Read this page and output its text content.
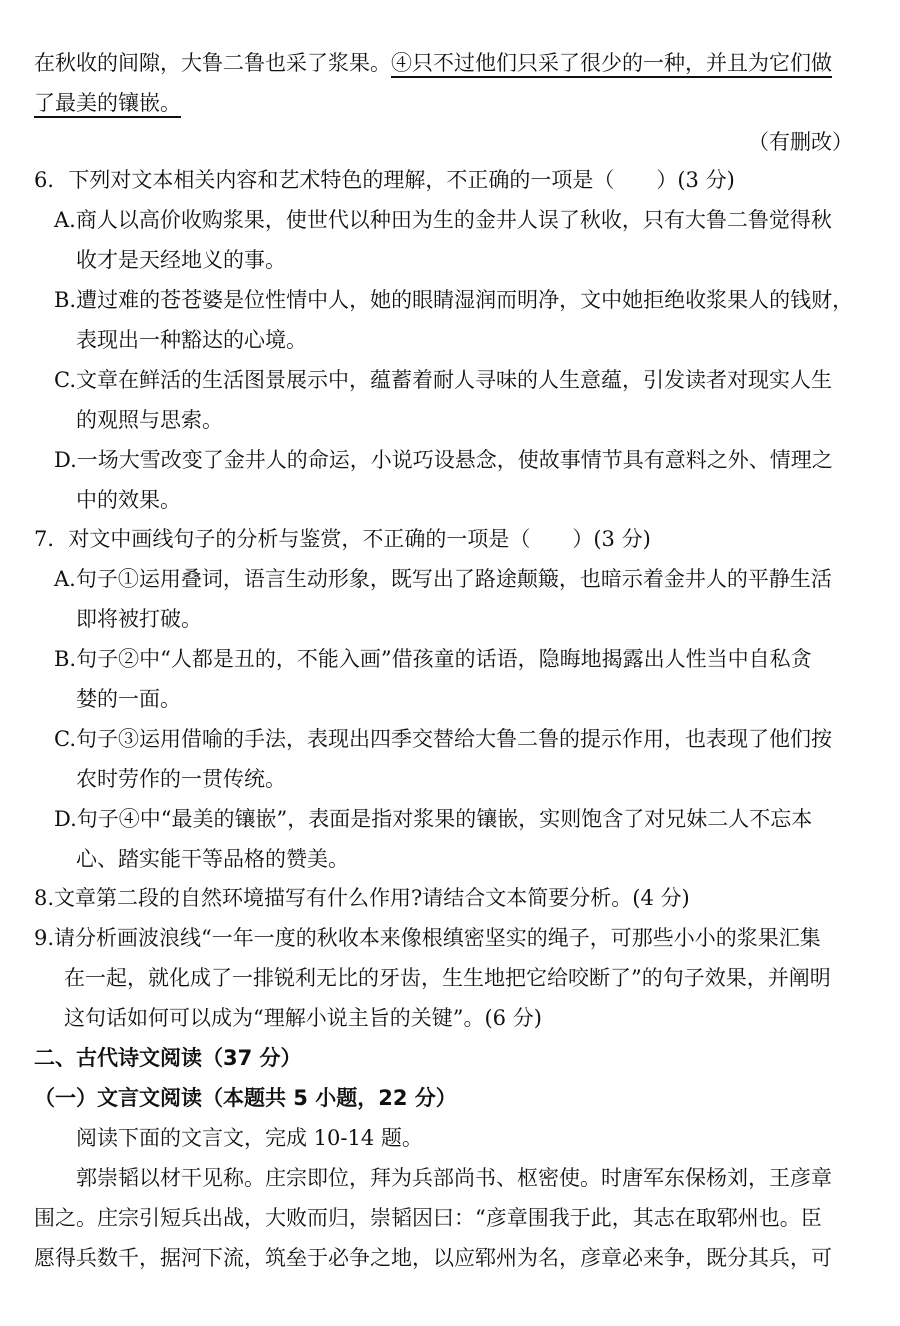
在秋收的间隙，大鲁二鲁也采了浆果。④只不过他们只采了很少的一种，并且为它们做
了最美的镶嵌。
（有删改）
6．下列对文本相关内容和艺术特色的理解，不正确的一项是（　　）(3 分)
A.商人以高价收购浆果，使世代以种田为生的金井人误了秋收，只有大鲁二鲁觉得秋
收才是天经地义的事。
B.遭过难的苍苍婆是位性情中人，她的眼睛湿润而明净，文中她拒绝收浆果人的钱财，
表现出一种豁达的心境。
C.文章在鲜活的生活图景展示中，蕴蓄着耐人寻味的人生意蕴，引发读者对现实人生
的观照与思索。
D.一场大雪改变了金井人的命运，小说巧设悬念，使故事情节具有意料之外、情理之
中的效果。
7．对文中画线句子的分析与鉴赏，不正确的一项是（　　）(3 分)
A.句子①运用叠词，语言生动形象，既写出了路途颠簸，也暗示着金井人的平静生活
即将被打破。
B.句子②中“人都是丑的，不能入画”借孩童的话语，隐晦地揭露出人性当中自私贪
婪的一面。
C.句子③运用借喻的手法，表现出四季交替给大鲁二鲁的提示作用，也表现了他们按
农时劳作的一贯传统。
D.句子④中“最美的镶嵌”，表面是指对浆果的镶嵌，实则饱含了对兄妹二人不忘本
心、踏实能干等品格的赞美。
8.文章第二段的自然环境描写有什么作用?请结合文本简要分析。(4 分)
9.请分析画波浪线“一年一度的秋收本来像根缜密坚实的绳子，可那些小小的浆果汇集
在一起，就化成了一排锐利无比的牙齿，生生地把它给咬断了”的句子效果，并阐明
这句话如何可以成为“理解小说主旨的关键”。(6 分)
二、古代诗文阅读（37 分）
（一）文言文阅读（本题共 5 小题，22 分）
阅读下面的文言文，完成 10-14 题。
郭崇韬以材干见称。庄宗即位，拜为兵部尚书、枢密使。时唐军东保杨刘，王彦章
围之。庄宗引短兵出战，大败而归，崇韬因曰：“彦章围我于此，其志在取郓州也。臣
愿得兵数千，据河下流，筑垒于必争之地，以应郓州为名，彦章必来争，既分其兵，可
